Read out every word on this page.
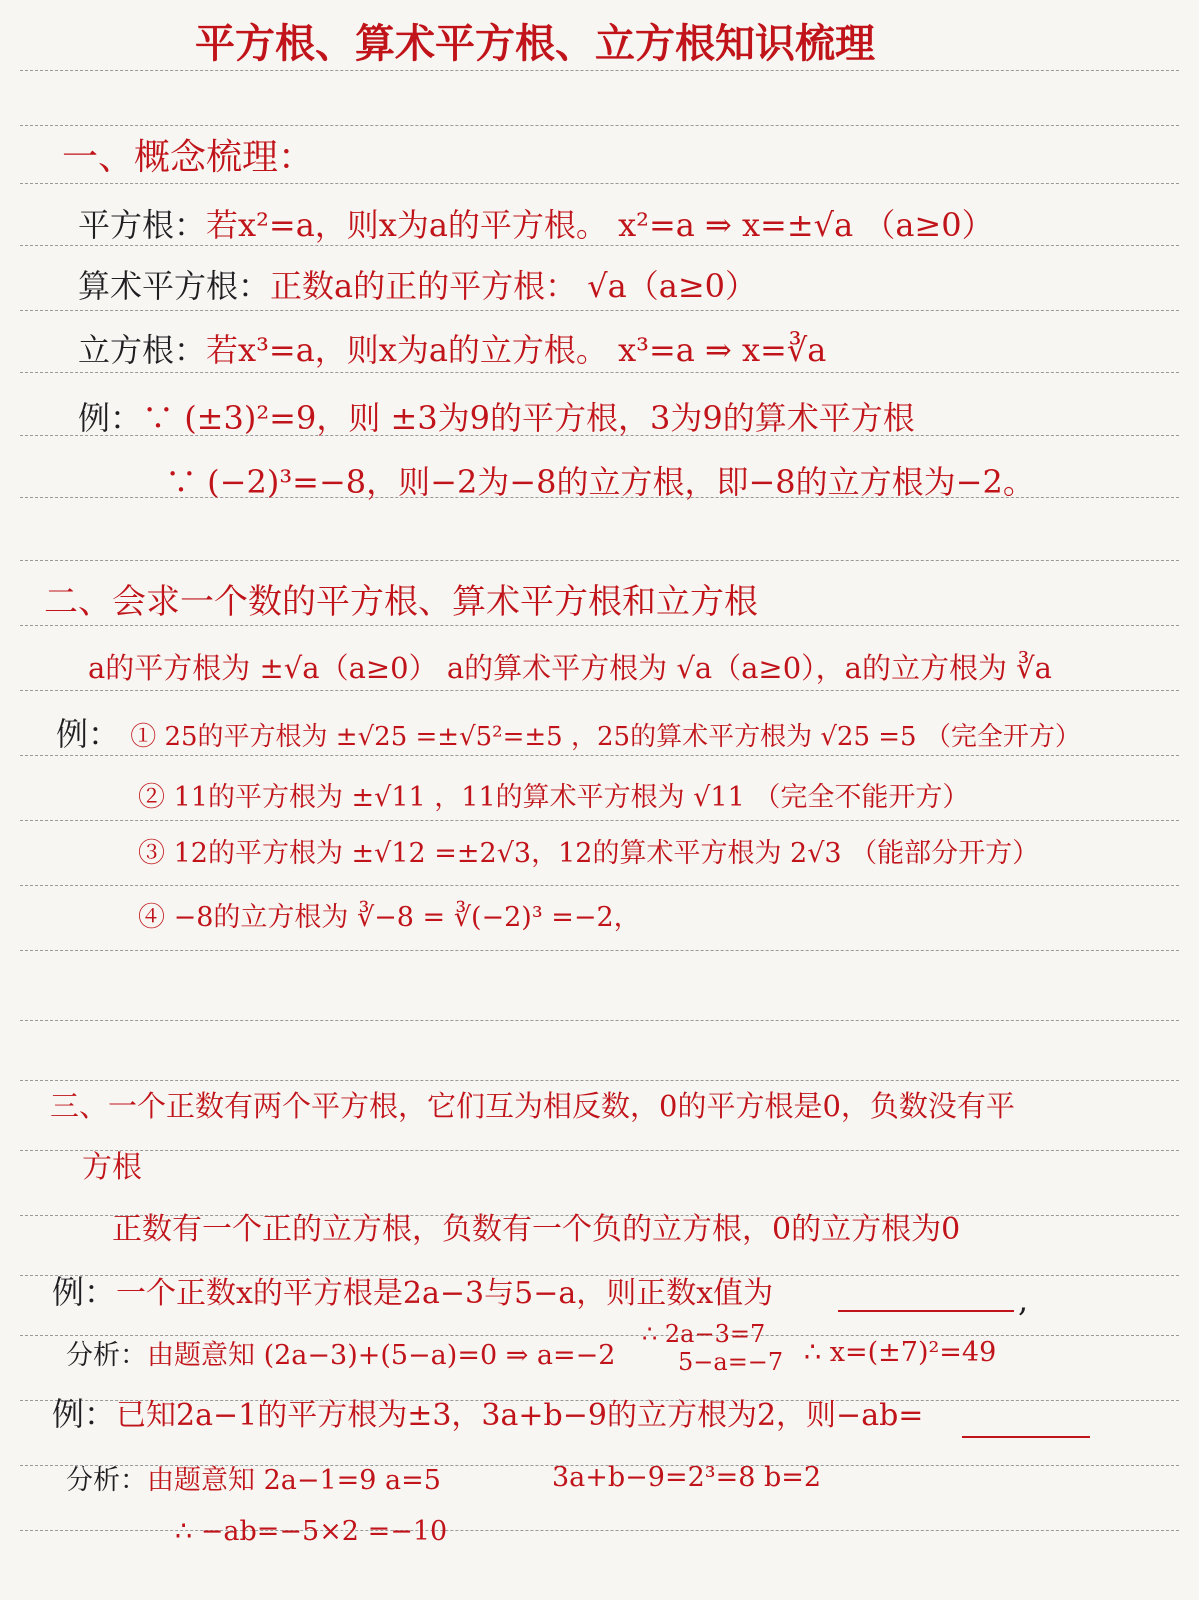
平方根、算术平方根、立方根知识梳理
一、概念梳理：
平方根：若x²=a，则x为a的平方根。 x²=a ⇒ x=±√a （a≥0）
算术平方根：正数a的正的平方根： √a（a≥0）
立方根：若x³=a，则x为a的立方根。 x³=a ⇒ x=∛a
例：∵ (±3)²=9，则 ±3为9的平方根，3为9的算术平方根
∵ (−2)³=−8，则−2为−8的立方根，即−8的立方根为−2。
二、会求一个数的平方根、算术平方根和立方根
a的平方根为 ±√a（a≥0） a的算术平方根为 √a（a≥0），a的立方根为 ∛a
例： ① 25的平方根为 ±√25 =±√5²=±5 ，25的算术平方根为 √25 =5 （完全开方）
② 11的平方根为 ±√11 ，11的算术平方根为 √11 （完全不能开方）
③ 12的平方根为 ±√12 =±2√3，12的算术平方根为 2√3 （能部分开方）
④ −8的立方根为 ∛−8 = ∛(−2)³ =−2，
三、一个正数有两个平方根，它们互为相反数，0的平方根是0，负数没有平
方根
正数有一个正的立方根，负数有一个负的立方根，0的立方根为0
例：一个正数x的平方根是2a−3与5−a，则正数x值为	,
分析：由题意知 (2a−3)+(5−a)=0 ⇒ a=−2
∴ 2a−3=7
5−a=−7 ∴ x=(±7)²=49
例：已知2a−1的平方根为±3，3a+b−9的立方根为2，则−ab=
分析：由题意知 2a−1=9 a=5	3a+b−9=2³=8 b=2
∴ −ab=−5×2 =−10
